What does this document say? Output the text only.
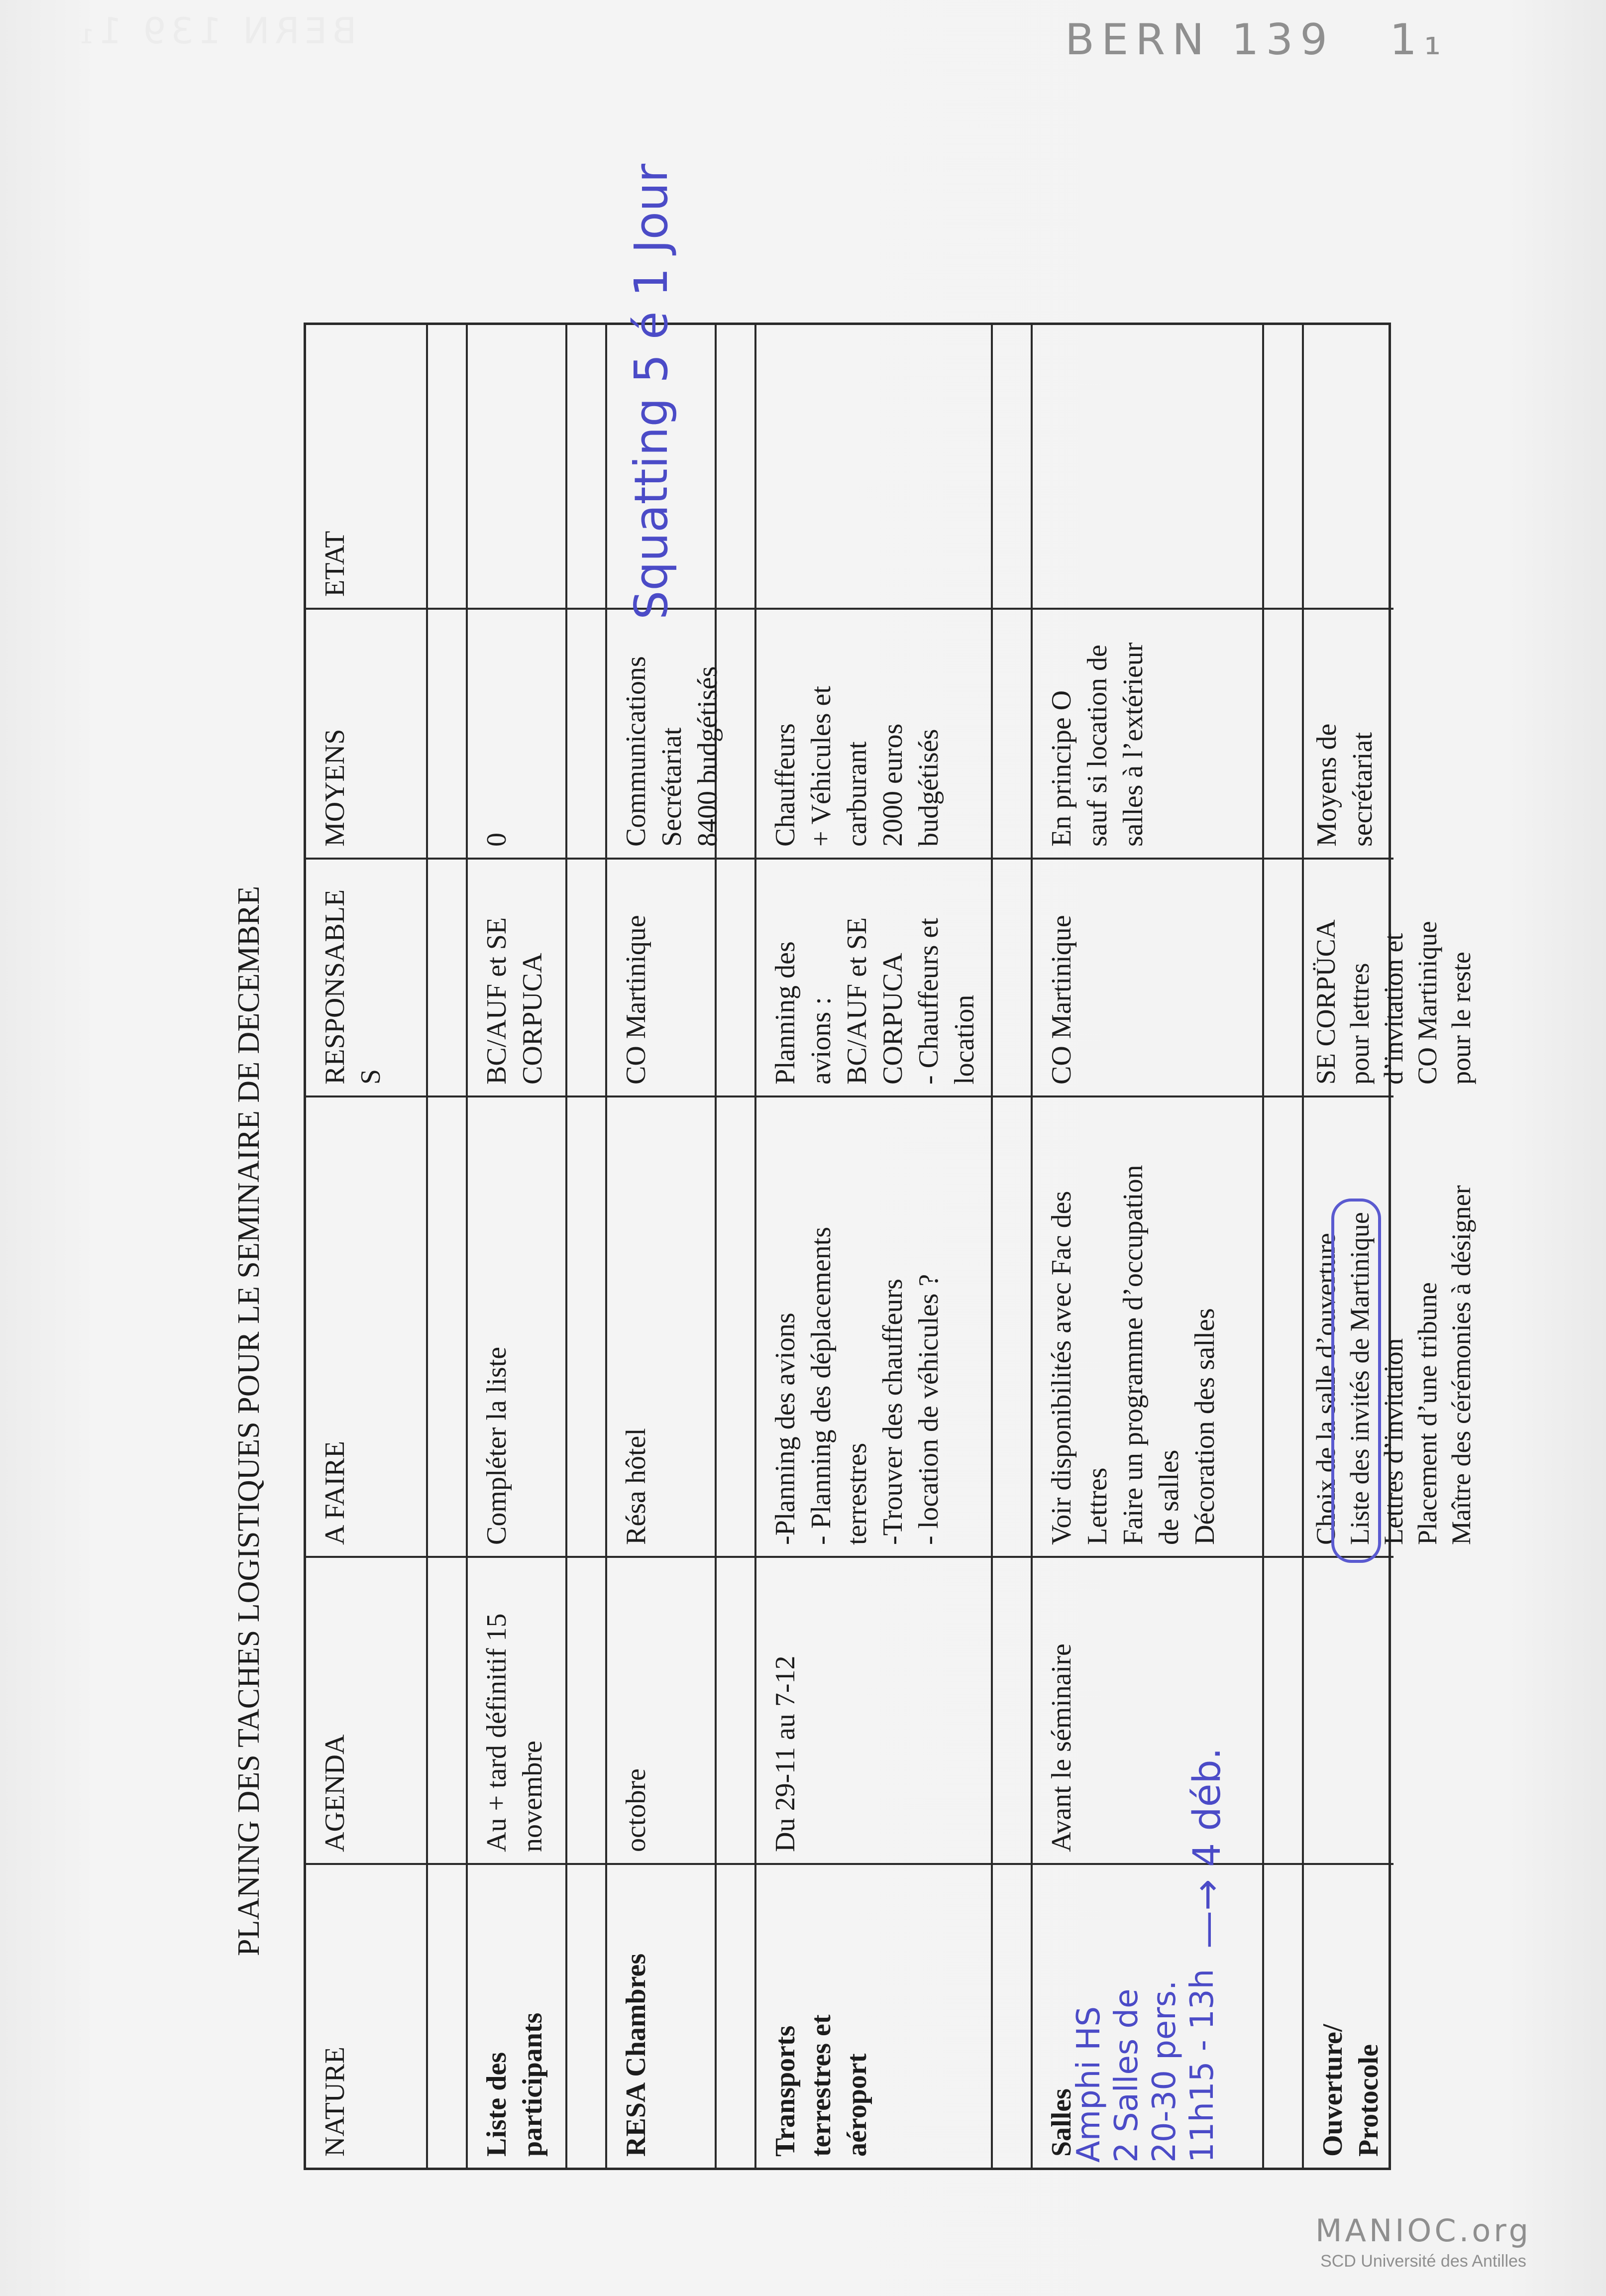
BERN 139 1₁	BERN 139 1₁
PLANING DES TACHES LOGISTIQUES POUR LE SEMINAIRE DE DECEMBRE
NATURE
AGENDA
A FAIRE
RESPONSABLE S
MOYENS
ETAT
Liste des participants
Au + tard définitif 15 novembre
Compléter la liste
BC/AUF et SE CORPUCA
0
RESA Chambres
octobre
Résa hôtel
CO Martinique
Communications Secrétariat 8400 budgétisés
Transports terrestres et aéroport
Du 29-11 au 7-12
-Planning des avions - Planning des déplacements terrestres -Trouver des chauffeurs - location de véhicules ?
Planning des avions : BC/AUF et SE CORPUCA - Chauffeurs et location
Chauffeurs + Véhicules et carburant 2000 euros budgétisés
Salles
Avant le séminaire
Voir disponibilités avec Fac des Lettres Faire un programme d’occupation de salles Décoration des salles
CO Martinique
En principe O sauf si location de salles à l’extérieur
Ouverture/ Protocole
Choix de la salle d’ouverture Liste des invités de Martinique Lettres d’invitation Placement d’une tribune Maître des cérémonies à désigner
SE CORPÜCA pour lettres d’invitation et CO Martinique pour le reste
Moyens de secrétariat
Squatting 5 é 1 Jour
Amphi HS 2 Salles de 20-30 pers. 11h15 - 13h
—→ 4 déb.
MANIOC.org
SCD Université des Antilles
